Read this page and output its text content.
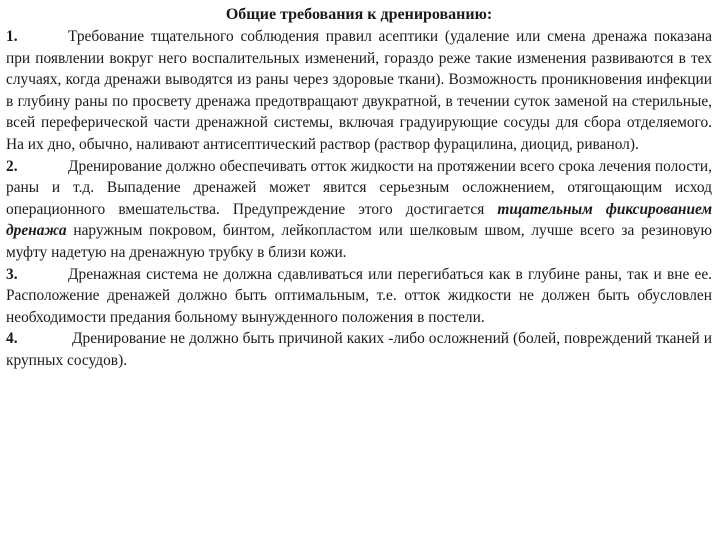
Общие требования к дренированию:

1.	Требование тщательного соблюдения правил асептики (удаление или смена дренажа показана при появлении вокруг него воспалительных изменений, гораздо реже такие изменения развиваются в тех случаях, когда дренажи выводятся из раны через здоровые ткани). Возможность проникновения инфекции в глубину раны по просвету дренажа предотвращают двукратной, в течении суток заменой на стерильные, всей переферической части дренажной системы, включая градуирующие сосуды для сбора отделяемого. На их дно, обычно, наливают антисептический раствор (раствор фурацилина, диоцид, риванол).

2.	Дренирование должно обеспечивать отток жидкости на протяжении всего срока лечения полости, раны и т.д. Выпадение дренажей может явится серьезным осложнением, отягощающим исход операционного вмешательства. Предупреждение этого достигается тщательным фиксированием дренажа наружным покровом, бинтом, лейкопластом или шелковым швом, лучше всего за резиновую муфту надетую на дренажную трубку в близи кожи.

3.	Дренажная система не должна сдавливаться или перегибаться как в глубине раны, так и вне ее. Расположение дренажей должно быть оптимальным, т.е. отток жидкости не должен быть обусловлен необходимости предания больному вынужденного положения в постели.

4.	Дренирование не должно быть причиной каких -либо осложнений (болей, повреждений тканей и крупных сосудов).
